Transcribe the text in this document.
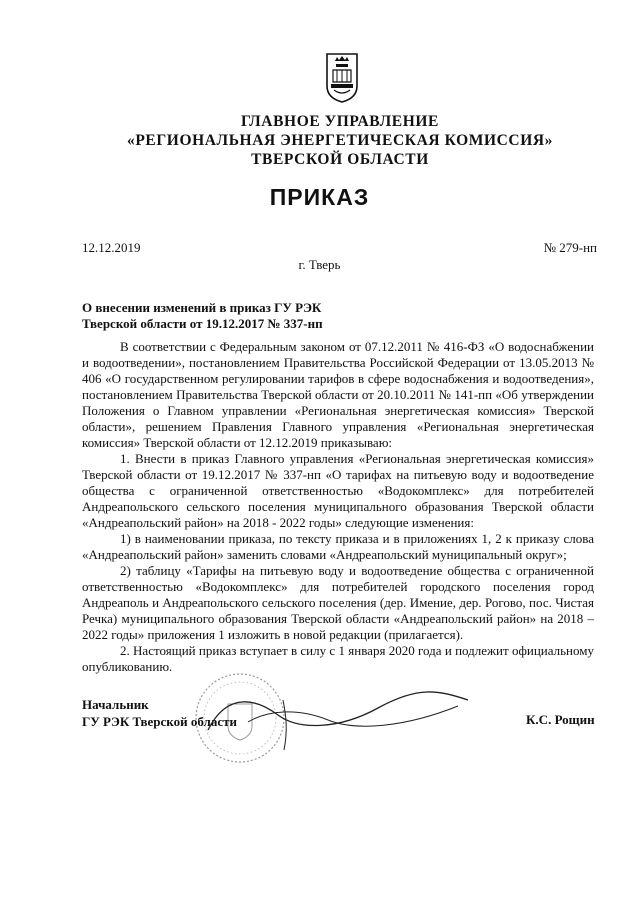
ГЛАВНОЕ УПРАВЛЕНИЕ
«РЕГИОНАЛЬНАЯ ЭНЕРГЕТИЧЕСКАЯ КОМИССИЯ»
ТВЕРСКОЙ ОБЛАСТИ
ПРИКАЗ
12.12.2019	№ 279-нп
г. Тверь
О внесении изменений в приказ ГУ РЭК
Тверской области от 19.12.2017 № 337-нп

В соответствии с Федеральным законом от 07.12.2011 № 416-ФЗ «О водоснабжении и водоотведении», постановлением Правительства Российской Федерации от 13.05.2013 № 406 «О государственном регулировании тарифов в сфере водоснабжения и водоотведения», постановлением Правительства Тверской области от 20.10.2011 № 141-пп «Об утверждении Положения о Главном управлении «Региональная энергетическая комиссия» Тверской области», решением Правления Главного управления «Региональная энергетическая комиссия» Тверской области от 12.12.2019 приказываю:

1. Внести в приказ Главного управления «Региональная энергетическая комиссия» Тверской области от 19.12.2017 № 337-нп «О тарифах на питьевую воду и водоотведение общества с ограниченной ответственностью «Водокомплекс» для потребителей Андреапольского сельского поселения муниципального образования Тверской области «Андреапольский район» на 2018 - 2022 годы» следующие изменения:

1) в наименовании приказа, по тексту приказа и в приложениях 1, 2 к приказу слова «Андреапольский район» заменить словами «Андреапольский муниципальный округ»;

2) таблицу «Тарифы на питьевую воду и водоотведение общества с ограниченной ответственностью «Водокомплекс» для потребителей городского поселения город Андреаполь и Андреапольского сельского поселения (дер. Имение, дер. Рогово, пос. Чистая Речка) муниципального образования Тверской области «Андреапольский район» на 2018 – 2022 годы» приложения 1 изложить в новой редакции (прилагается).

2. Настоящий приказ вступает в силу с 1 января 2020 года и подлежит официальному опубликованию.

Начальник
ГУ РЭК Тверской области	К.С. Рощин
